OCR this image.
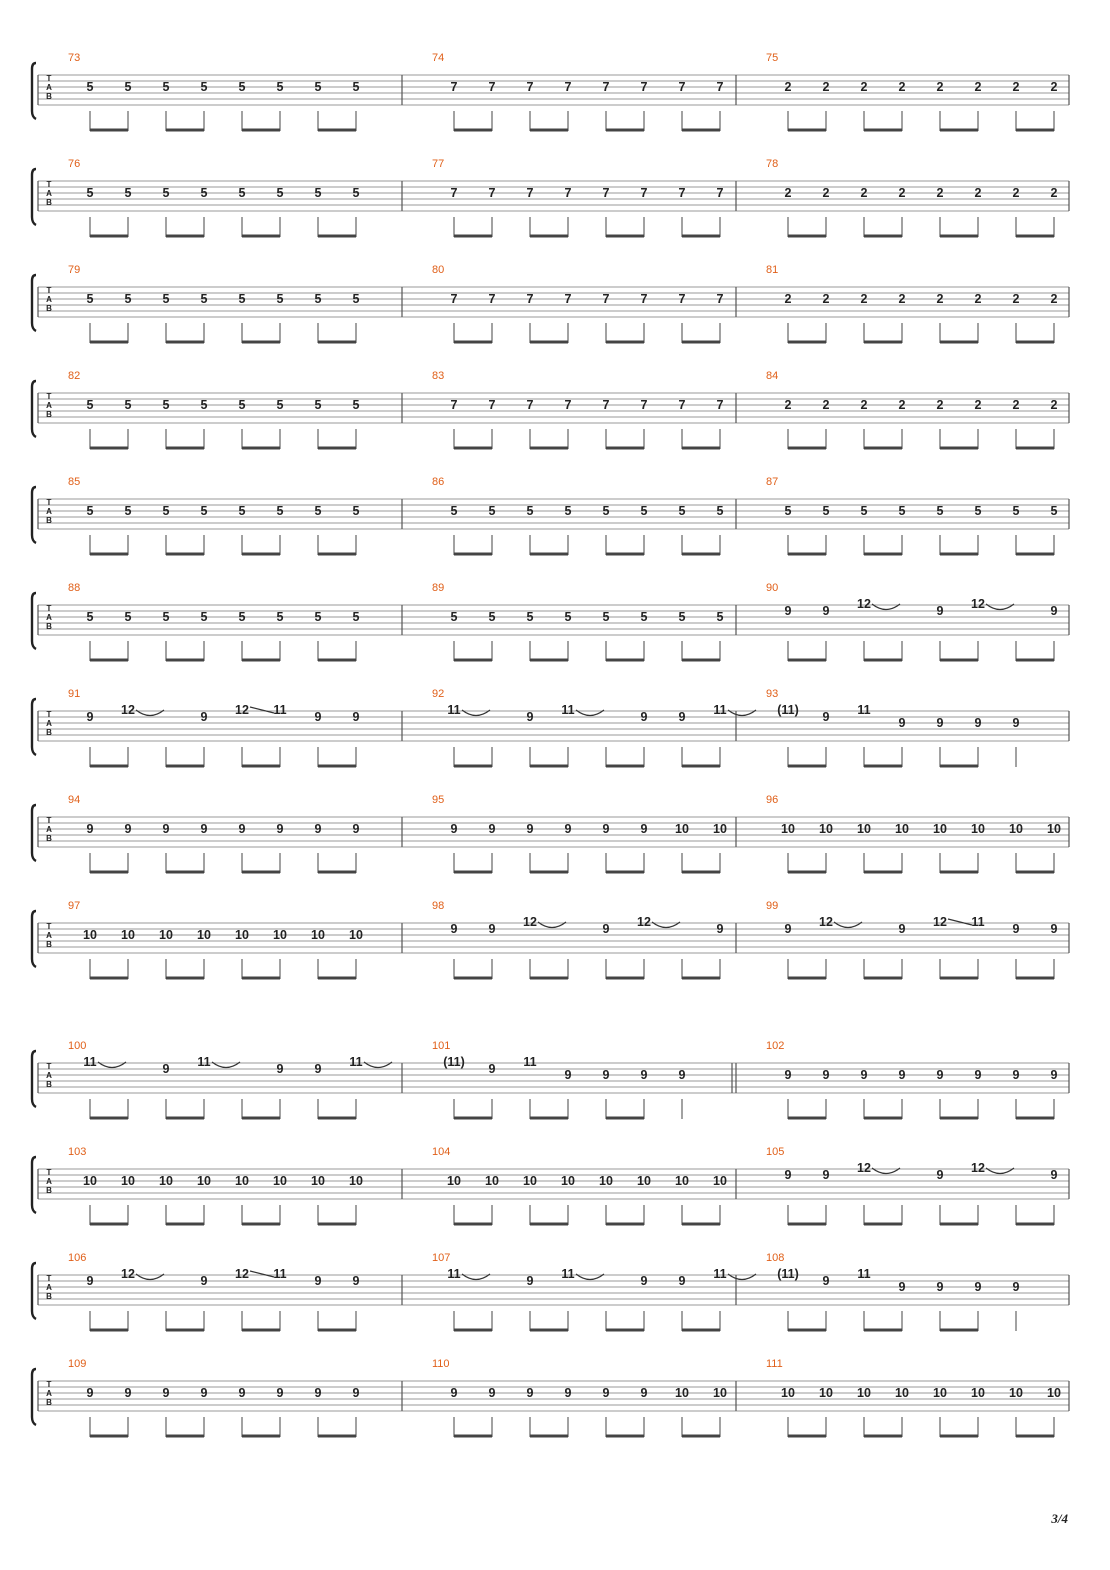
T
A
B
73
5 5 5 5 5 5 5 5
74
7 7 7 7 7 7 7 7
75
2 2 2 2 2 2 2 2
T
A
B
76
5 5 5 5 5 5 5 5
77
7 7 7 7 7 7 7 7
78
2 2 2 2 2 2 2 2
T
A
B
79
5 5 5 5 5 5 5 5
80
7 7 7 7 7 7 7 7
81
2 2 2 2 2 2 2 2
T
A
B
82
5 5 5 5 5 5 5 5
83
7 7 7 7 7 7 7 7
84
2 2 2 2 2 2 2 2
T
A
B
85
5 5 5 5 5 5 5 5
86
5 5 5 5 5 5 5 5
87
5 5 5 5 5 5 5 5
T
A
B
88
5 5 5 5 5 5 5 5
89
5 5 5 5 5 5 5 5
90
9 9 12	9 12	9
T
A
B
91
9 12	9 12 11 9 9
92
11	9 11	9 9 11
93
(11) 9 11
9 9 9 9
T
A
B
94
9 9 9 9 9 9 9 9
95
9 9 9 9 9 9 10 10
96
10 10 10 10 10 10 10 10
T
A
B
97
10 10 10 10 10 10 10 10
98
9 9 12	9 12	9
99
9 12	9 12 11 9 9
T
A
B
100
11	9 11	9 9 11
101
(11) 9 11
9 9 9 9
102
9 9 9 9 9 9 9 9
T
A
B
103
10 10 10 10 10 10 10 10
104
10 10 10 10 10 10 10 10
105
9 9 12	9 12	9
T
A
B
106
9 12	9 12 11 9 9
107
11	9 11	9 9 11
108
(11) 9 11
9 9 9 9
T
A
B
109
9 9 9 9 9 9 9 9
110
9 9 9 9 9 9 10 10
111
10 10 10 10 10 10 10 10
3/4
